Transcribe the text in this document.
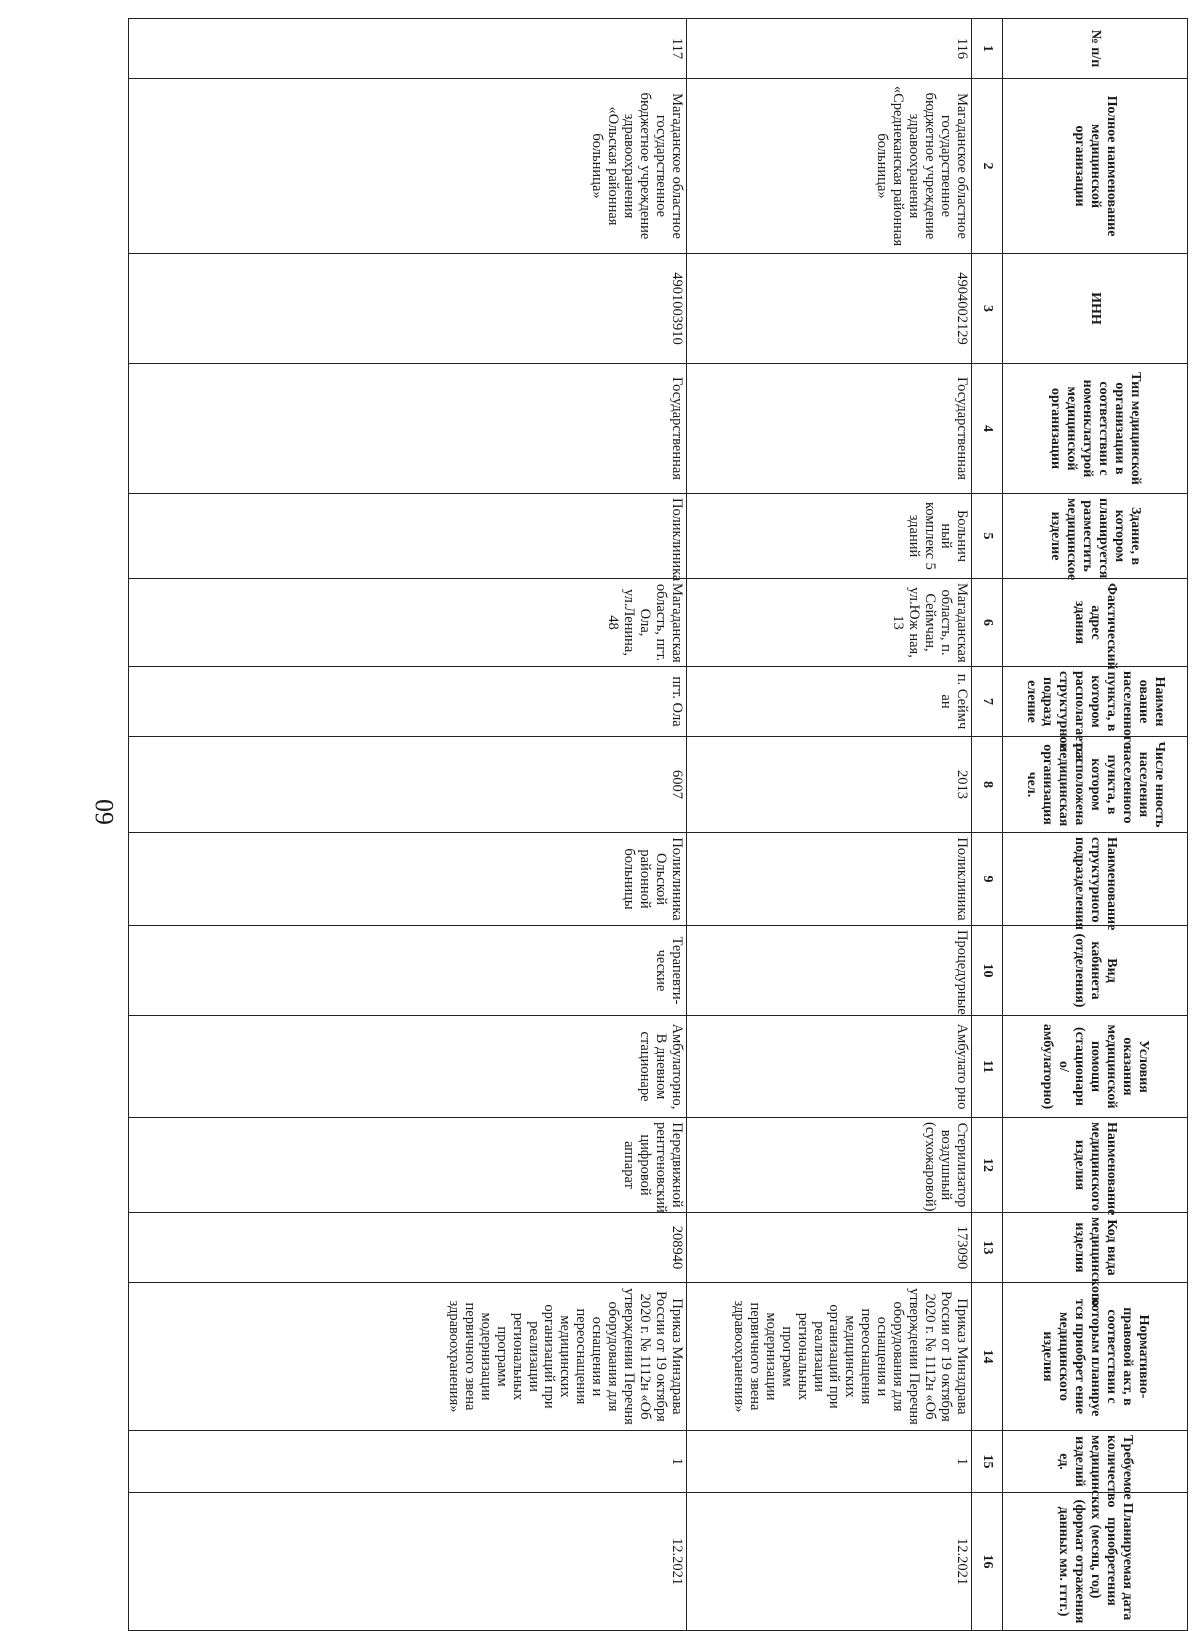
60
№ п/п	Полное наименование медицинской организации	ИНН	Тип медицинской организации в соответствии с номенклатурой медицинской организации	Здание, в котором планируется разместить медицинское изделие	Фактический адрес здания	Наимен ование населенного пункта, в котором располагается структурное подразд еление	Числе нность населения населенного пункта, в котором расположена медицинская организация чел.	Наименование структурного подразделения	Вид кабинета (отделения)	Условия оказания медицинской помощи (стационарн о/амбулаторно)	Наименование медицинского изделия	Код вида медицинского изделия	Нормативно- правовой акт, в соответствии с которым планируе тся приобрет ение медицинского изделия	Требуемое количество медицинских изделий ед.	Планируемая дата приобретения (месяц, год) (формат отражения данных мм. гггг.)
1	2	3	4	5	6	7	8	9	10	11	12	13	14	15	16
116	Магаданское областное государственное бюджетное учреждение здравоохранения «Среднеканская районная больница»	4904002129	Государственная	Больнич ный комплекс 5 зданий	Магаданская область, п. Сеймчан, ул.Юж ная, 13	п. Сеймч ан	2013	Поликлиника	Процедурные	Амбулато рно	Стерилизатор воздушный (сухожаровой)	173090	Приказ Минздрава России от 19 октября 2020 г. № 1112н «Об утверждении Перечня оборудования для оснащения и переоснащения медицинских организаций при реализации региональных программ модернизации первичного звена здравоохранения»	1	12.2021
117	Магаданское областное государственное бюджетное учреждение здравоохранения «Ольская районная больница»	4901003910	Государственная	Поликлиника	Магаданская область, пгт. Ола, ул.Ленина, 48	пгт. Ола	6007	Поликлиника Ольской районной больницы	Терапевти- ческие	Амбулаторно, В дневном стационаре	Передвижной рентгеновский цифровой аппарат	208940	Приказ Минздрава России от 19 октября 2020 г. № 1112н «Об утверждении Перечня оборудования для оснащения и переоснащения медицинских организаций при реализации региональных программ модернизации первичного звена здравоохранения»	1	12.2021
